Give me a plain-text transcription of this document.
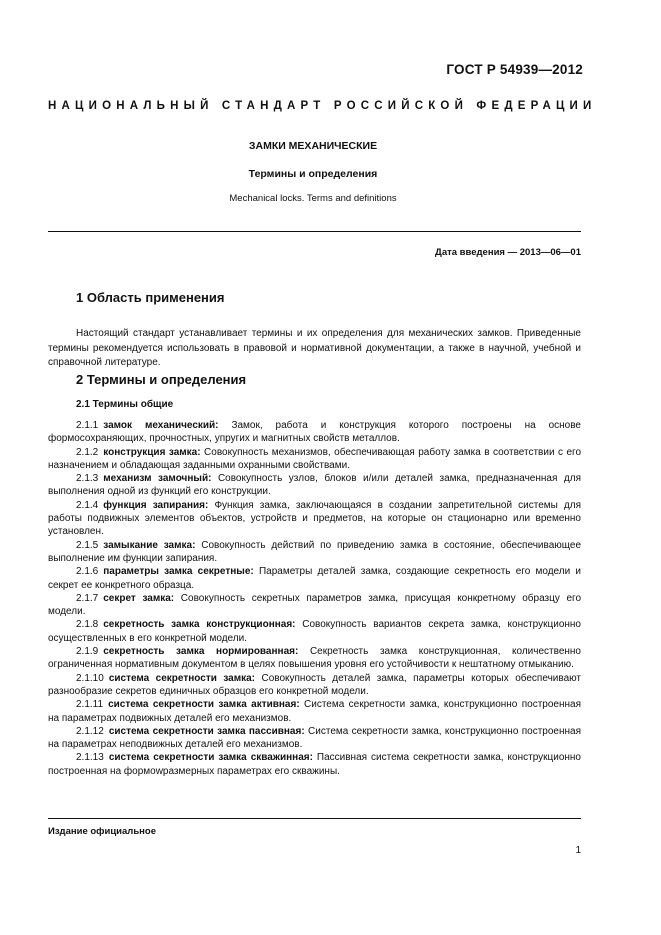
ГОСТ Р 54939—2012
НАЦИОНАЛЬНЫЙ СТАНДАРТ РОССИЙСКОЙ ФЕДЕРАЦИИ
ЗАМКИ МЕХАНИЧЕСКИЕ
Термины и определения
Mechanical locks. Terms and definitions
Дата введения — 2013—06—01
1 Область применения

Настоящий стандарт устанавливает термины и их определения для механических замков. Приведенные термины рекомендуется использовать в правовой и нормативной документации, а также в научной, учебной и справочной литературе.

2 Термины и определения
2.1 Термины общие

2.1.1 замок механический: Замок, работа и конструкция которого построены на основе формосохраняющих, прочностных, упругих и магнитных свойств металлов.

2.1.2 конструкция замка: Совокупность механизмов, обеспечивающая работу замка в соответствии с его назначением и обладающая заданными охранными свойствами.

2.1.3 механизм замочный: Совокупность узлов, блоков и/или деталей замка, предназначенная для выполнения одной из функций его конструкции.

2.1.4 функция запирания: Функция замка, заключающаяся в создании запретительной системы для работы подвижных элементов объектов, устройств и предметов, на которые он стационарно или временно установлен.

2.1.5 замыкание замка: Совокупность действий по приведению замка в состояние, обеспечивающее выполнение им функции запирания.

2.1.6 параметры замка секретные: Параметры деталей замка, создающие секретность его модели и секрет ее конкретного образца.

2.1.7 секрет замка: Совокупность секретных параметров замка, присущая конкретному образцу его модели.

2.1.8 секретность замка конструкционная: Совокупность вариантов секрета замка, конструкционно осуществленных в его конкретной модели.

2.1.9 секретность замка нормированная: Секретность замка конструкционная, количественно ограниченная нормативным документом в целях повышения уровня его устойчивости к нештатному отмыканию.

2.1.10 система секретности замка: Совокупность деталей замка, параметры которых обеспечивают разнообразие секретов единичных образцов его конкретной модели.

2.1.11 система секретности замка активная: Система секретности замка, конструкционно построенная на параметрах подвижных деталей его механизмов.

2.1.12 система секретности замка пассивная: Система секретности замка, конструкционно построенная на параметрах неподвижных деталей его механизмов.

2.1.13 система секретности замка скважинная: Пассивная система секретности замка, конструкционно построенная на формоwразмерных параметрах его скважины.

Издание официальное
1
